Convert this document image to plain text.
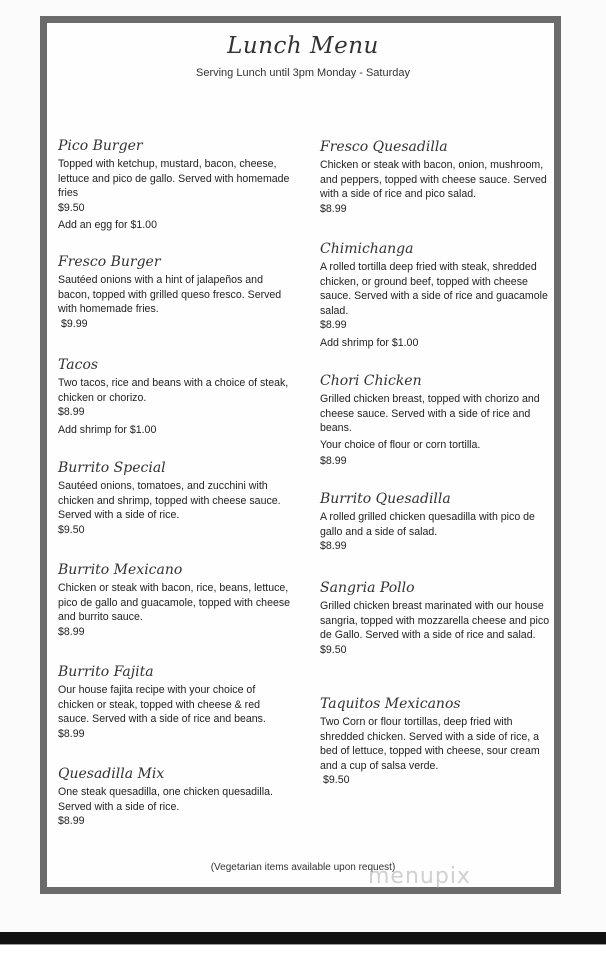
Lunch Menu
Serving Lunch until 3pm Monday - Saturday
Pico Burger
Topped with ketchup, mustard, bacon, cheese, lettuce and pico de gallo. Served with homemade fries
$9.50
Add an egg for $1.00
Fresco Burger
Sautéed onions with a hint of jalapeños and bacon, topped with grilled queso fresco. Served with homemade fries.
$9.99
Tacos
Two tacos, rice and beans with a choice of steak, chicken or chorizo.
$8.99
Add shrimp for $1.00
Burrito Special
Sautéed onions, tomatoes, and zucchini with chicken and shrimp, topped with cheese sauce. Served with a side of rice.
$9.50
Burrito Mexicano
Chicken or steak with bacon, rice, beans, lettuce, pico de gallo and guacamole, topped with cheese and burrito sauce.
$8.99
Burrito Fajita
Our house fajita recipe with your choice of chicken or steak, topped with cheese & red sauce. Served with a side of rice and beans.
$8.99
Quesadilla Mix
One steak quesadilla, one chicken quesadilla. Served with a side of rice.
$8.99
Fresco Quesadilla
Chicken or steak with bacon, onion, mushroom, and peppers, topped with cheese sauce. Served with a side of rice and pico salad.
$8.99
Chimichanga
A rolled tortilla deep fried with steak, shredded chicken, or ground beef, topped with cheese sauce. Served with a side of rice and guacamole salad.
$8.99
Add shrimp for $1.00
Chori Chicken
Grilled chicken breast, topped with chorizo and cheese sauce. Served with a side of rice and beans.
Your choice of flour or corn tortilla.
$8.99
Burrito Quesadilla
A rolled grilled chicken quesadilla with pico de gallo and a side of salad.
$8.99
Sangria Pollo
Grilled chicken breast marinated with our house sangria, topped with mozzarella cheese and pico de Gallo. Served with a side of rice and salad.
$9.50
Taquitos Mexicanos
Two Corn or flour tortillas, deep fried with shredded chicken. Served with a side of rice, a bed of lettuce, topped with cheese, sour cream and a cup of salsa verde.
$9.50
(Vegetarian items available upon request)
menupix
